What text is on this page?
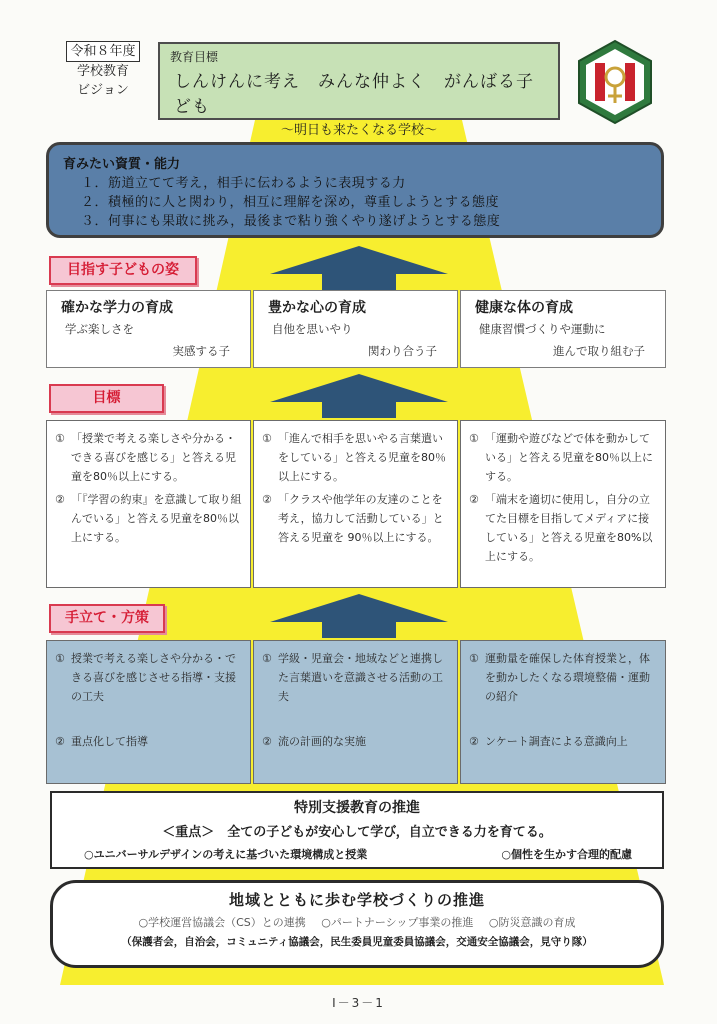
令和８年度
学校教育
ビジョン
教育目標
しんけんに考え　みんな仲よく　がんばる子ども
～明日も来たくなる学校～
育みたい資質・能力
１．筋道立てて考え，相手に伝わるように表現する力
２．積極的に人と関わり，相互に理解を深め，尊重しようとする態度
３．何事にも果敢に挑み，最後まで粘り強くやり遂げようとする態度
目指す子どもの姿
確かな学力の育成
学ぶ楽しさを
実感する子
豊かな心の育成
自他を思いやり
関わり合う子
健康な体の育成
健康習慣づくりや運動に
進んで取り組む子
目標
① 「授業で考える楽しさや分かる・できる喜びを感じる」と答える児童を80％以上にする。
② 「『学習の約束』を意識して取り組んでいる」と答える児童を80％以上にする。
① 「進んで相手を思いやる言葉遣いをしている」と答える児童を80％以上にする。
② 「クラスや他学年の友達のことを考え，協力して活動している」と答える児童を 90％以上にする。
① 「運動や遊びなどで体を動かしている」と答える児童を80％以上にする。
② 「端末を適切に使用し，自分の立てた目標を目指してメディアに接している」と答える児童を80%以上にする。
手立て・方策
① 授業で考える楽しさや分かる・できる喜びを感じさせる指導・支援の工夫
② 重点化して指導
① 学級・児童会・地域などと連携した言葉遣いを意識させる活動の工夫
② 流の計画的な実施
① 運動量を確保した体育授業と，体を動かしたくなる環境整備・運動の紹介
② ンケート調査による意識向上
特別支援教育の推進
＜重点＞　全ての子どもが安心して学び，自立できる力を育てる。
○ユニバーサルデザインの考えに基づいた環境構成と授業	○個性を生かす合理的配慮
地域とともに歩む学校づくりの推進
○学校運営協議会（CS）との連携 ○パートナーシップ事業の推進 ○防災意識の育成
（保護者会，自治会，コミュニティ協議会，民生委員児童委員協議会，交通安全協議会，見守り隊）
I－3－1
